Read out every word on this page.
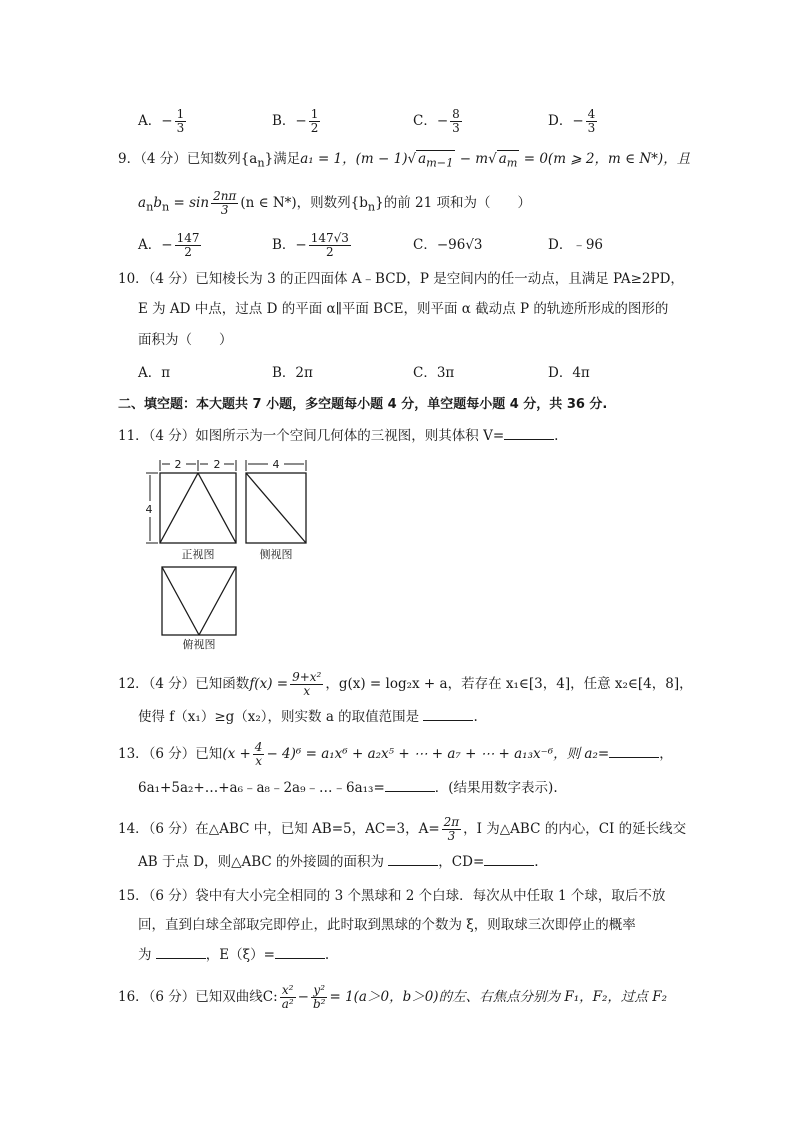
A．− $\frac{1}{3}$	B．− $\frac{1}{2}$	C．− $\frac{8}{3}$	D．− $\frac{4}{3}$
9．（4 分）已知数列$\{a_n\}$满足a₁ = 1，(m − 1)√ $a_{m-1} - m√$ $a_m = 0(m$ ⩾ 2，m ∈ N*)，且
$a_nb_n = \sin \frac{2n\pi}{3} (n$ ∈ N*)，则数列$\{b_n\}$的前 21 项和为（　　）
A．− $\frac{147}{2}$	B．− $\frac{147√3}{2}$	C．−96√3	D．﹣96
10．（4 分）已知棱长为 3 的正四面体 A﹣BCD，P 是空间内的任一动点，且满足 PA≥2PD，
E 为 AD 中点，过点 D 的平面 α∥平面 BCE，则平面 α 截动点 P 的轨迹所形成的图形的
面积为（　　）
A．π	B．2π	C．3π	D．4π
二、填空题：本大题共 7 小题，多空题每小题 4 分，单空题每小题 4 分，共 36 分.
11．（4 分）如图所示为一个空间几何体的三视图，则其体积 V=	.
2	2
4
正视图
4
侧视图
俯视图
12．（4 分）已知函数$f(x) = \frac{\text{9+x²}}{x}$ ，g(x) = log₂x + a，若存在 x₁∈[3，4]，任意 x₂∈[4，8]，
使得 f（x₁）≥g（x₂），则实数 a 的取值范围是	.
13．（6 分）已知$(x + \frac{4}{x} - 4)^6 = a_1x^6 + a_2x^5$ + ⋯ + a₇ + ⋯ + a₁₃x⁻⁶，则 a₂=	，
6a₁+5a₂+…+a₆﹣a₈﹣2a₉﹣…﹣6a₁₃=	．(结果用数字表示).
14．（6 分）在△ABC 中，已知 AB=5，AC=3，$A= \frac{2\pi}{3}$ ，I 为△ABC 的内心，CI 的延长线交
AB 于点 D，则△ABC 的外接圆的面积为	，CD=	.
15．（6 分）袋中有大小完全相同的 3 个黑球和 2 个白球．每次从中任取 1 个球，取后不放
回，直到白球全部取完即停止，此时取到黑球的个数为 ξ，则取球三次即停止的概率
为	，E（ξ）=	.
16．（6 分）已知双曲线C: $\frac{\text{x²}}{\text{a²}} - \frac{\text{y²}}{\text{b²}} = 1(a>0$，b＞0)的左、右焦点分别为 F₁，F₂，过点 F₂
